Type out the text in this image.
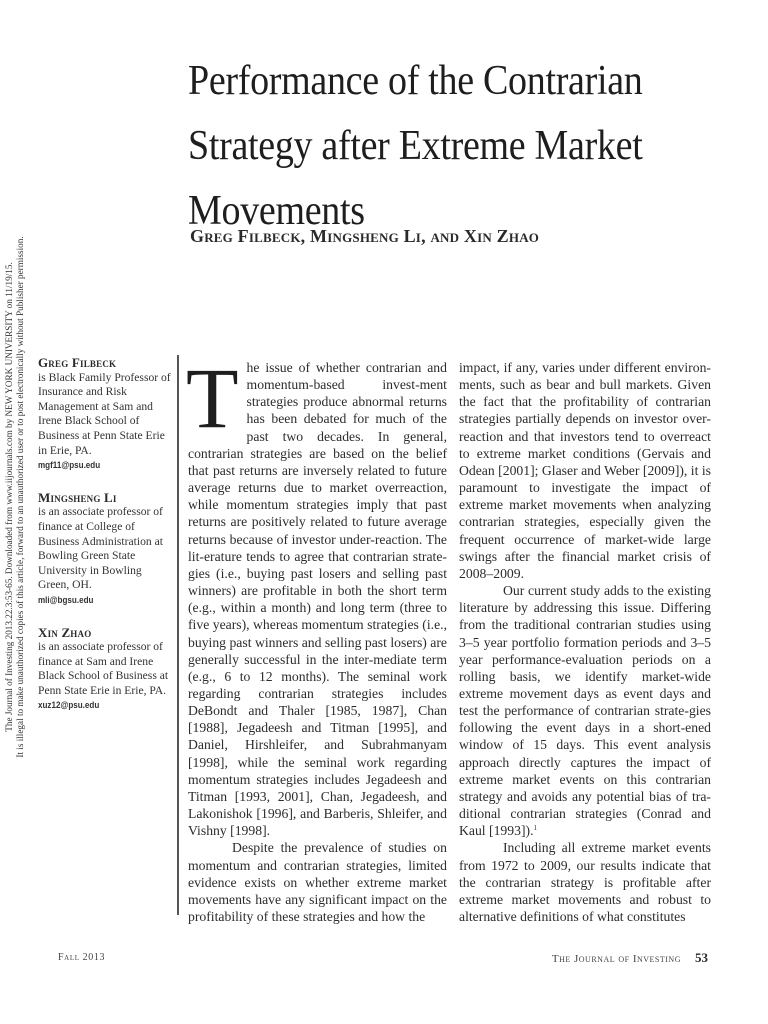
The Journal of Investing 2013.22.3:53-65. Downloaded from www.iijournals.com by NEW YORK UNIVERSITY on 11/19/15. It is illegal to make unauthorized copies of this article, forward to an unauthorized user or to post electronically without Publisher permission.
Performance of the Contrarian Strategy after Extreme Market Movements
Greg Filbeck, Mingsheng Li, and Xin Zhao
Greg Filbeck
is Black Family Professor of Insurance and Risk Management at Sam and Irene Black School of Business at Penn State Erie in Erie, PA.
mgf11@psu.edu
Mingsheng Li
is an associate professor of finance at College of Business Administration at Bowling Green State University in Bowling Green, OH.
mli@bgsu.edu
Xin Zhao
is an associate professor of finance at Sam and Irene Black School of Business at Penn State Erie in Erie, PA.
xuz12@psu.edu

The issue of whether contrarian and momentum-based invest-ment strategies produce abnormal returns has been debated for much of the past two decades. In general, contrarian strategies are based on the belief that past returns are inversely related to future average returns due to market overreaction, while momentum strategies imply that past returns are positively related to future average returns because of investor under-reaction. The lit-erature tends to agree that contrarian strate-gies (i.e., buying past losers and selling past winners) are profitable in both the short term (e.g., within a month) and long term (three to five years), whereas momentum strategies (i.e., buying past winners and selling past losers) are generally successful in the inter-mediate term (e.g., 6 to 12 months). The seminal work regarding contrarian strategies includes DeBondt and Thaler [1985, 1987], Chan [1988], Jegadeesh and Titman [1995], and Daniel, Hirshleifer, and Subrahmanyam [1998], while the seminal work regarding momentum strategies includes Jegadeesh and Titman [1993, 2001], Chan, Jegadeesh, and Lakonishok [1996], and Barberis, Shleifer, and Vishny [1998].

Despite the prevalence of studies on momentum and contrarian strategies, limited evidence exists on whether extreme market movements have any significant impact on the profitability of these strategies and how the

impact, if any, varies under different environ-ments, such as bear and bull markets. Given the fact that the profitability of contrarian strategies partially depends on investor over-reaction and that investors tend to overreact to extreme market conditions (Gervais and Odean [2001]; Glaser and Weber [2009]), it is paramount to investigate the impact of extreme market movements when analyzing contrarian strategies, especially given the frequent occurrence of market-wide large swings after the financial market crisis of 2008–2009.

Our current study adds to the existing literature by addressing this issue. Differing from the traditional contrarian studies using 3–5 year portfolio formation periods and 3–5 year performance-evaluation periods on a rolling basis, we identify market-wide extreme movement days as event days and test the performance of contrarian strate-gies following the event days in a short-ened window of 15 days. This event analysis approach directly captures the impact of extreme market events on this contrarian strategy and avoids any potential bias of tra-ditional contrarian strategies (Conrad and Kaul [1993]).$^1$

Including all extreme market events from 1972 to 2009, our results indicate that the contrarian strategy is profitable after extreme market movements and robust to alternative definitions of what constitutes

Fall 2013	The Journal of Investing 53
